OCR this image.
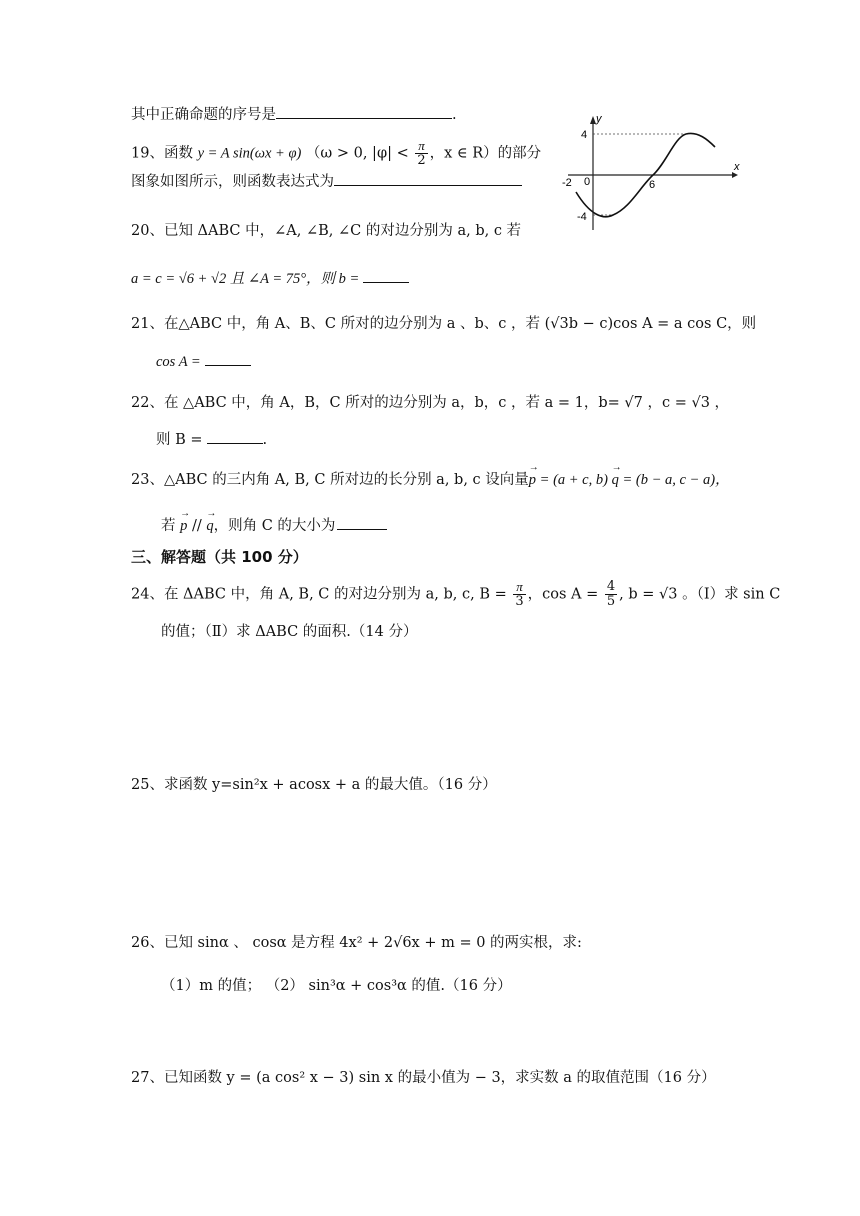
其中正确命题的序号是	.
19、函数 y = A sin(ωx + φ) （ω > 0, $|\varphi| < \frac{\pi}{2}$ ，x ∈ R）的部分
图象如图所示，则函数表达式为
y
x
4
-4
-2 0	6
20、已知 ΔABC 中，∠A, ∠B, ∠C 的对边分别为 a, b, c 若
a = c = √6 + √2 且 ∠A = 75°，则 b =
21、在△ABC 中，角 A、B、C 所对的边分别为 a 、b、c ，若 (√3b − c)cos A = a cos C，则
cos A =
22、在 △ABC 中，角 A，B，C 所对的边分别为 a，b，c ，若 a = 1，b= √7 ，c = √3 ，
则 B =	.
23、△ABC 的三内角 A, B, C 所对边的长分别 a, b, c 设向量→ p = (a + c, b) → q = (b − a, c − a)，
若 → p // → q，则角 C 的大小为
三、解答题（共 100 分）
24、在 ΔABC 中，角 A, B, C 的对边分别为 a, b, c, $B = \frac{\pi}{3}$ ，$\cos A = \frac{4}{5}$ , b = √3 。（Ⅰ）求 sin C
的值；（Ⅱ）求 ΔABC 的面积.（14 分）
25、求函数 y=sin²x + acosx + a 的最大值。（16 分）
26、已知 sinα 、 cosα 是方程 4x² + 2√6x + m = 0 的两实根，求:
（1）m 的值； （2） sin³α + cos³α 的值.（16 分）
27、已知函数 y = (a cos² x − 3) sin x 的最小值为 − 3，求实数 a 的取值范围（16 分）
